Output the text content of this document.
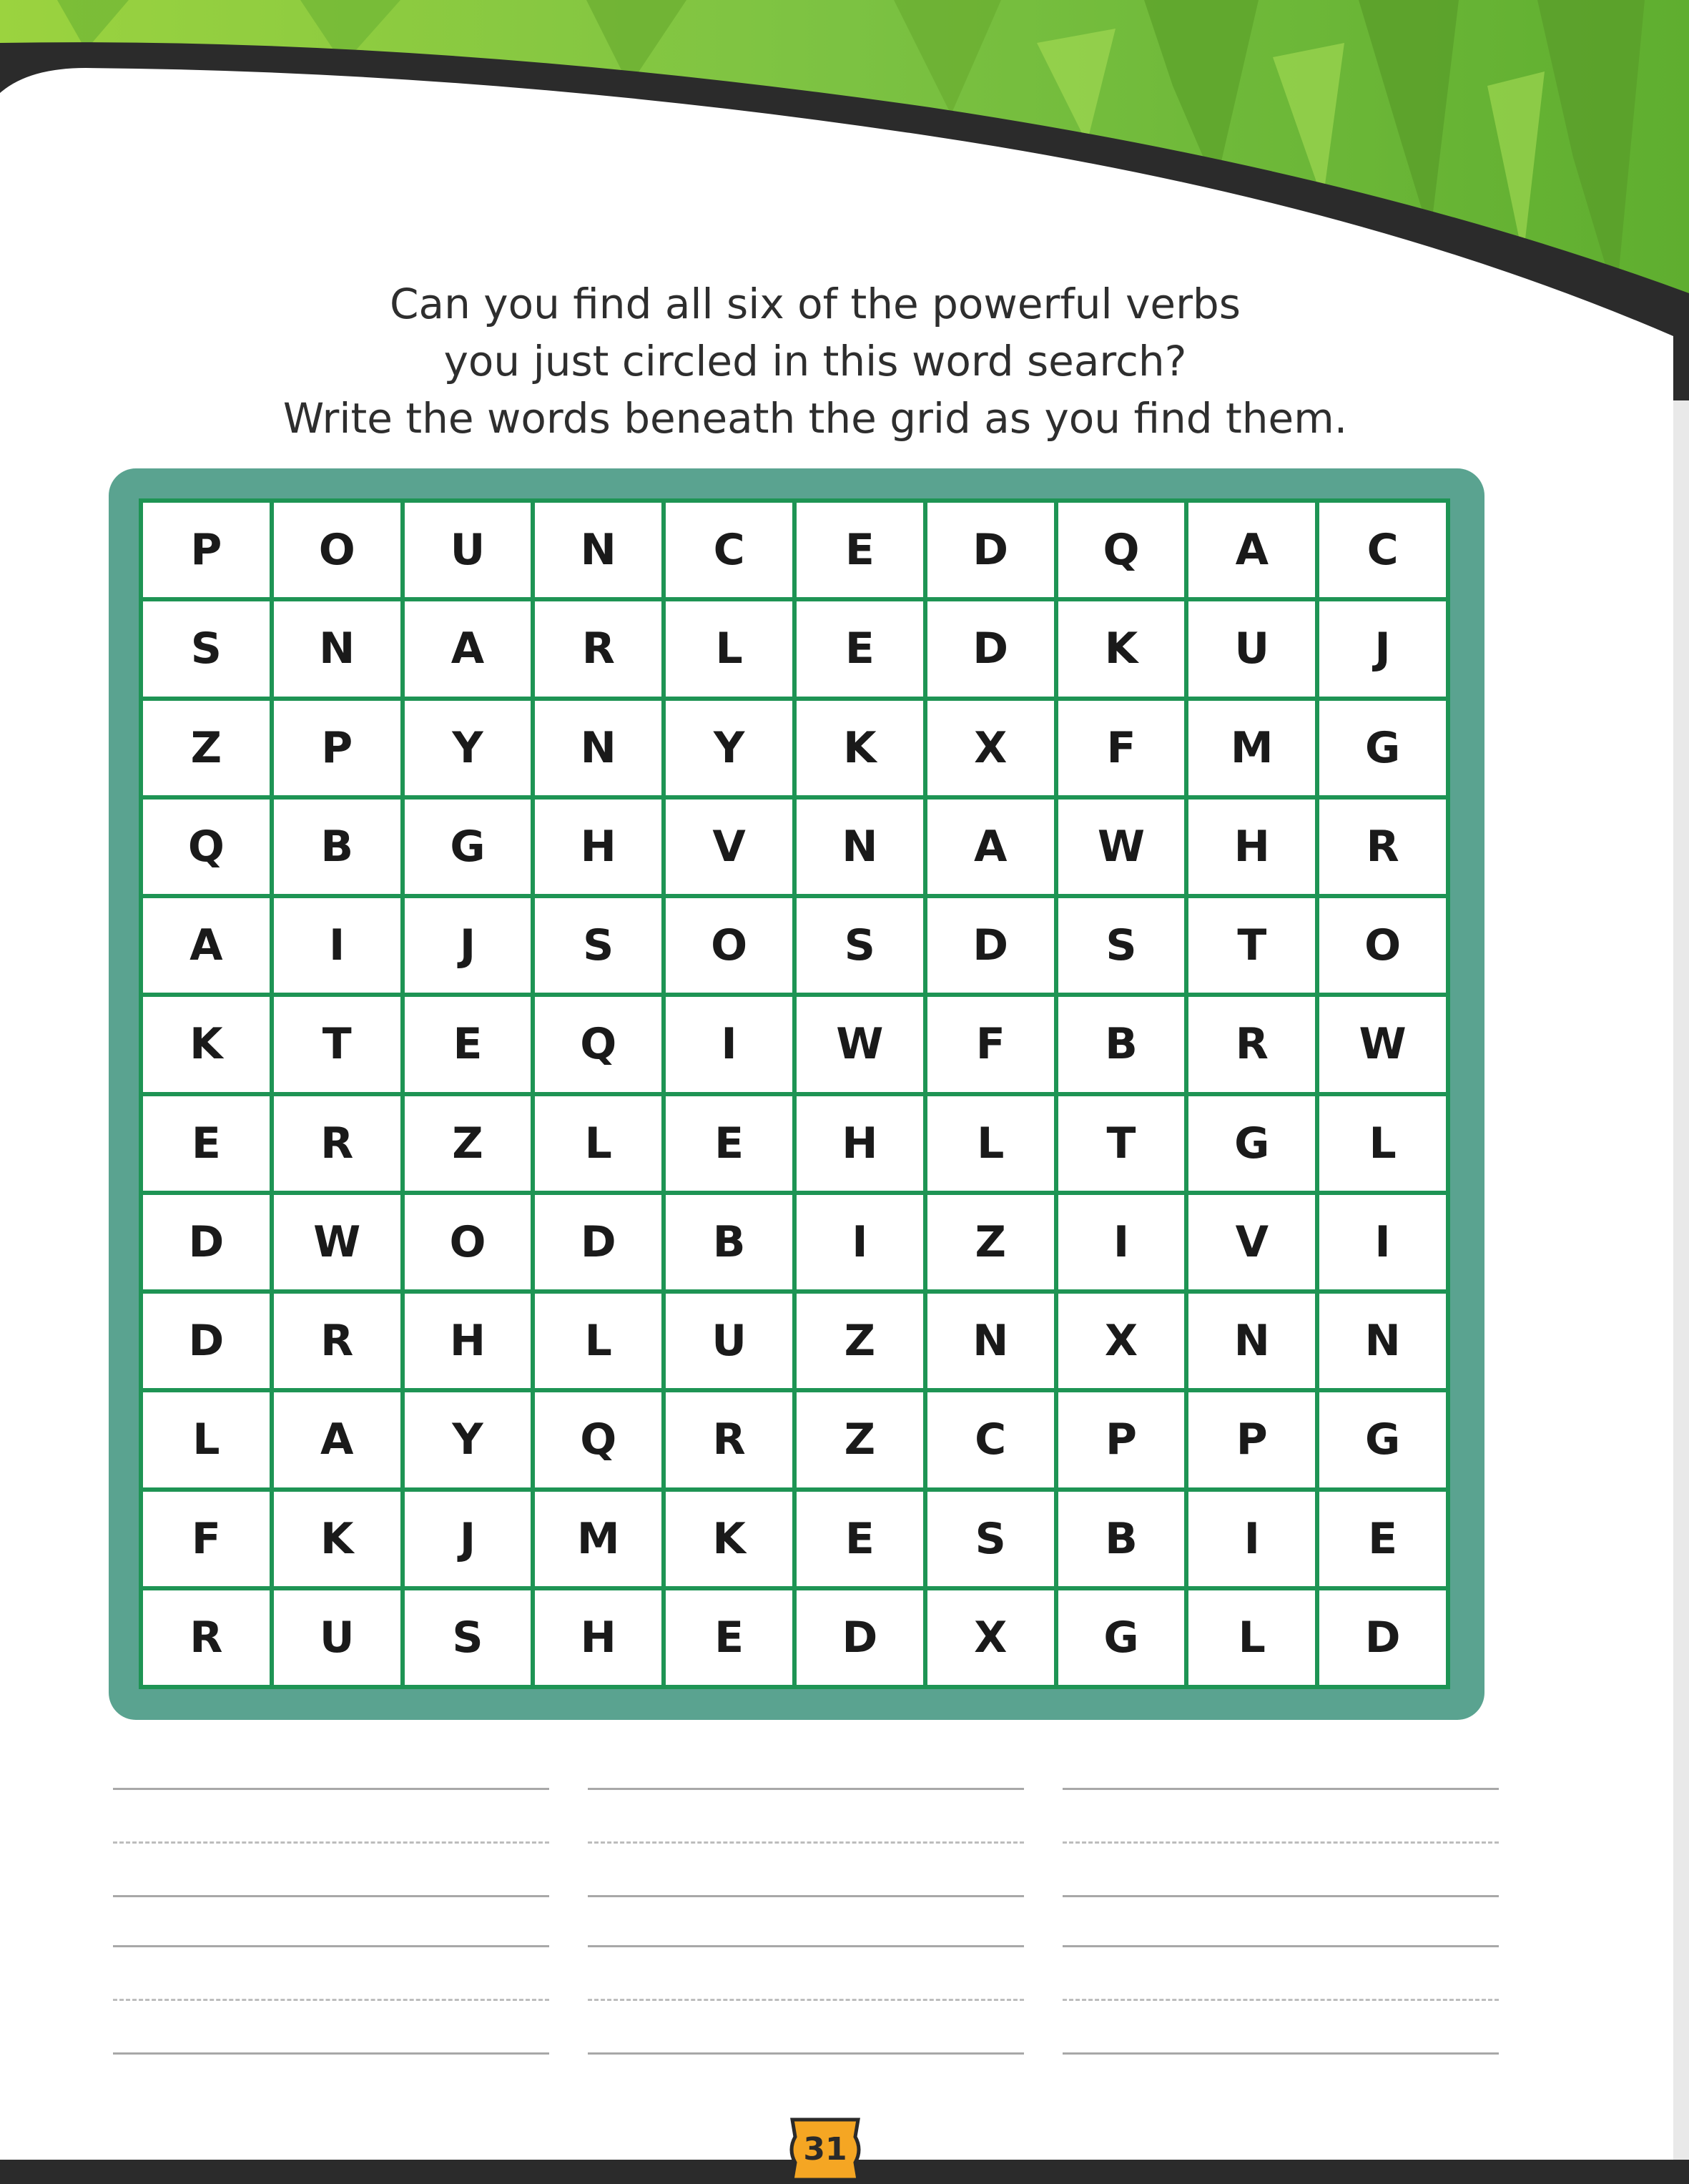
Can you find all six of the powerful verbs
you just circled in this word search?
Write the words beneath the grid as you find them.
P	O	U	N	C	E	D	Q	A	C
S	N	A	R	L	E	D	K	U	J
Z	P	Y	N	Y	K	X	F	M	G
Q	B	G	H	V	N	A	W	H	R
A	I	J	S	O	S	D	S	T	O
K	T	E	Q	I	W	F	B	R	W
E	R	Z	L	E	H	L	T	G	L
D	W	O	D	B	I	Z	I	V	I
D	R	H	L	U	Z	N	X	N	N
L	A	Y	Q	R	Z	C	P	P	G
F	K	J	M	K	E	S	B	I	E
R	U	S	H	E	D	X	G	L	D
31
